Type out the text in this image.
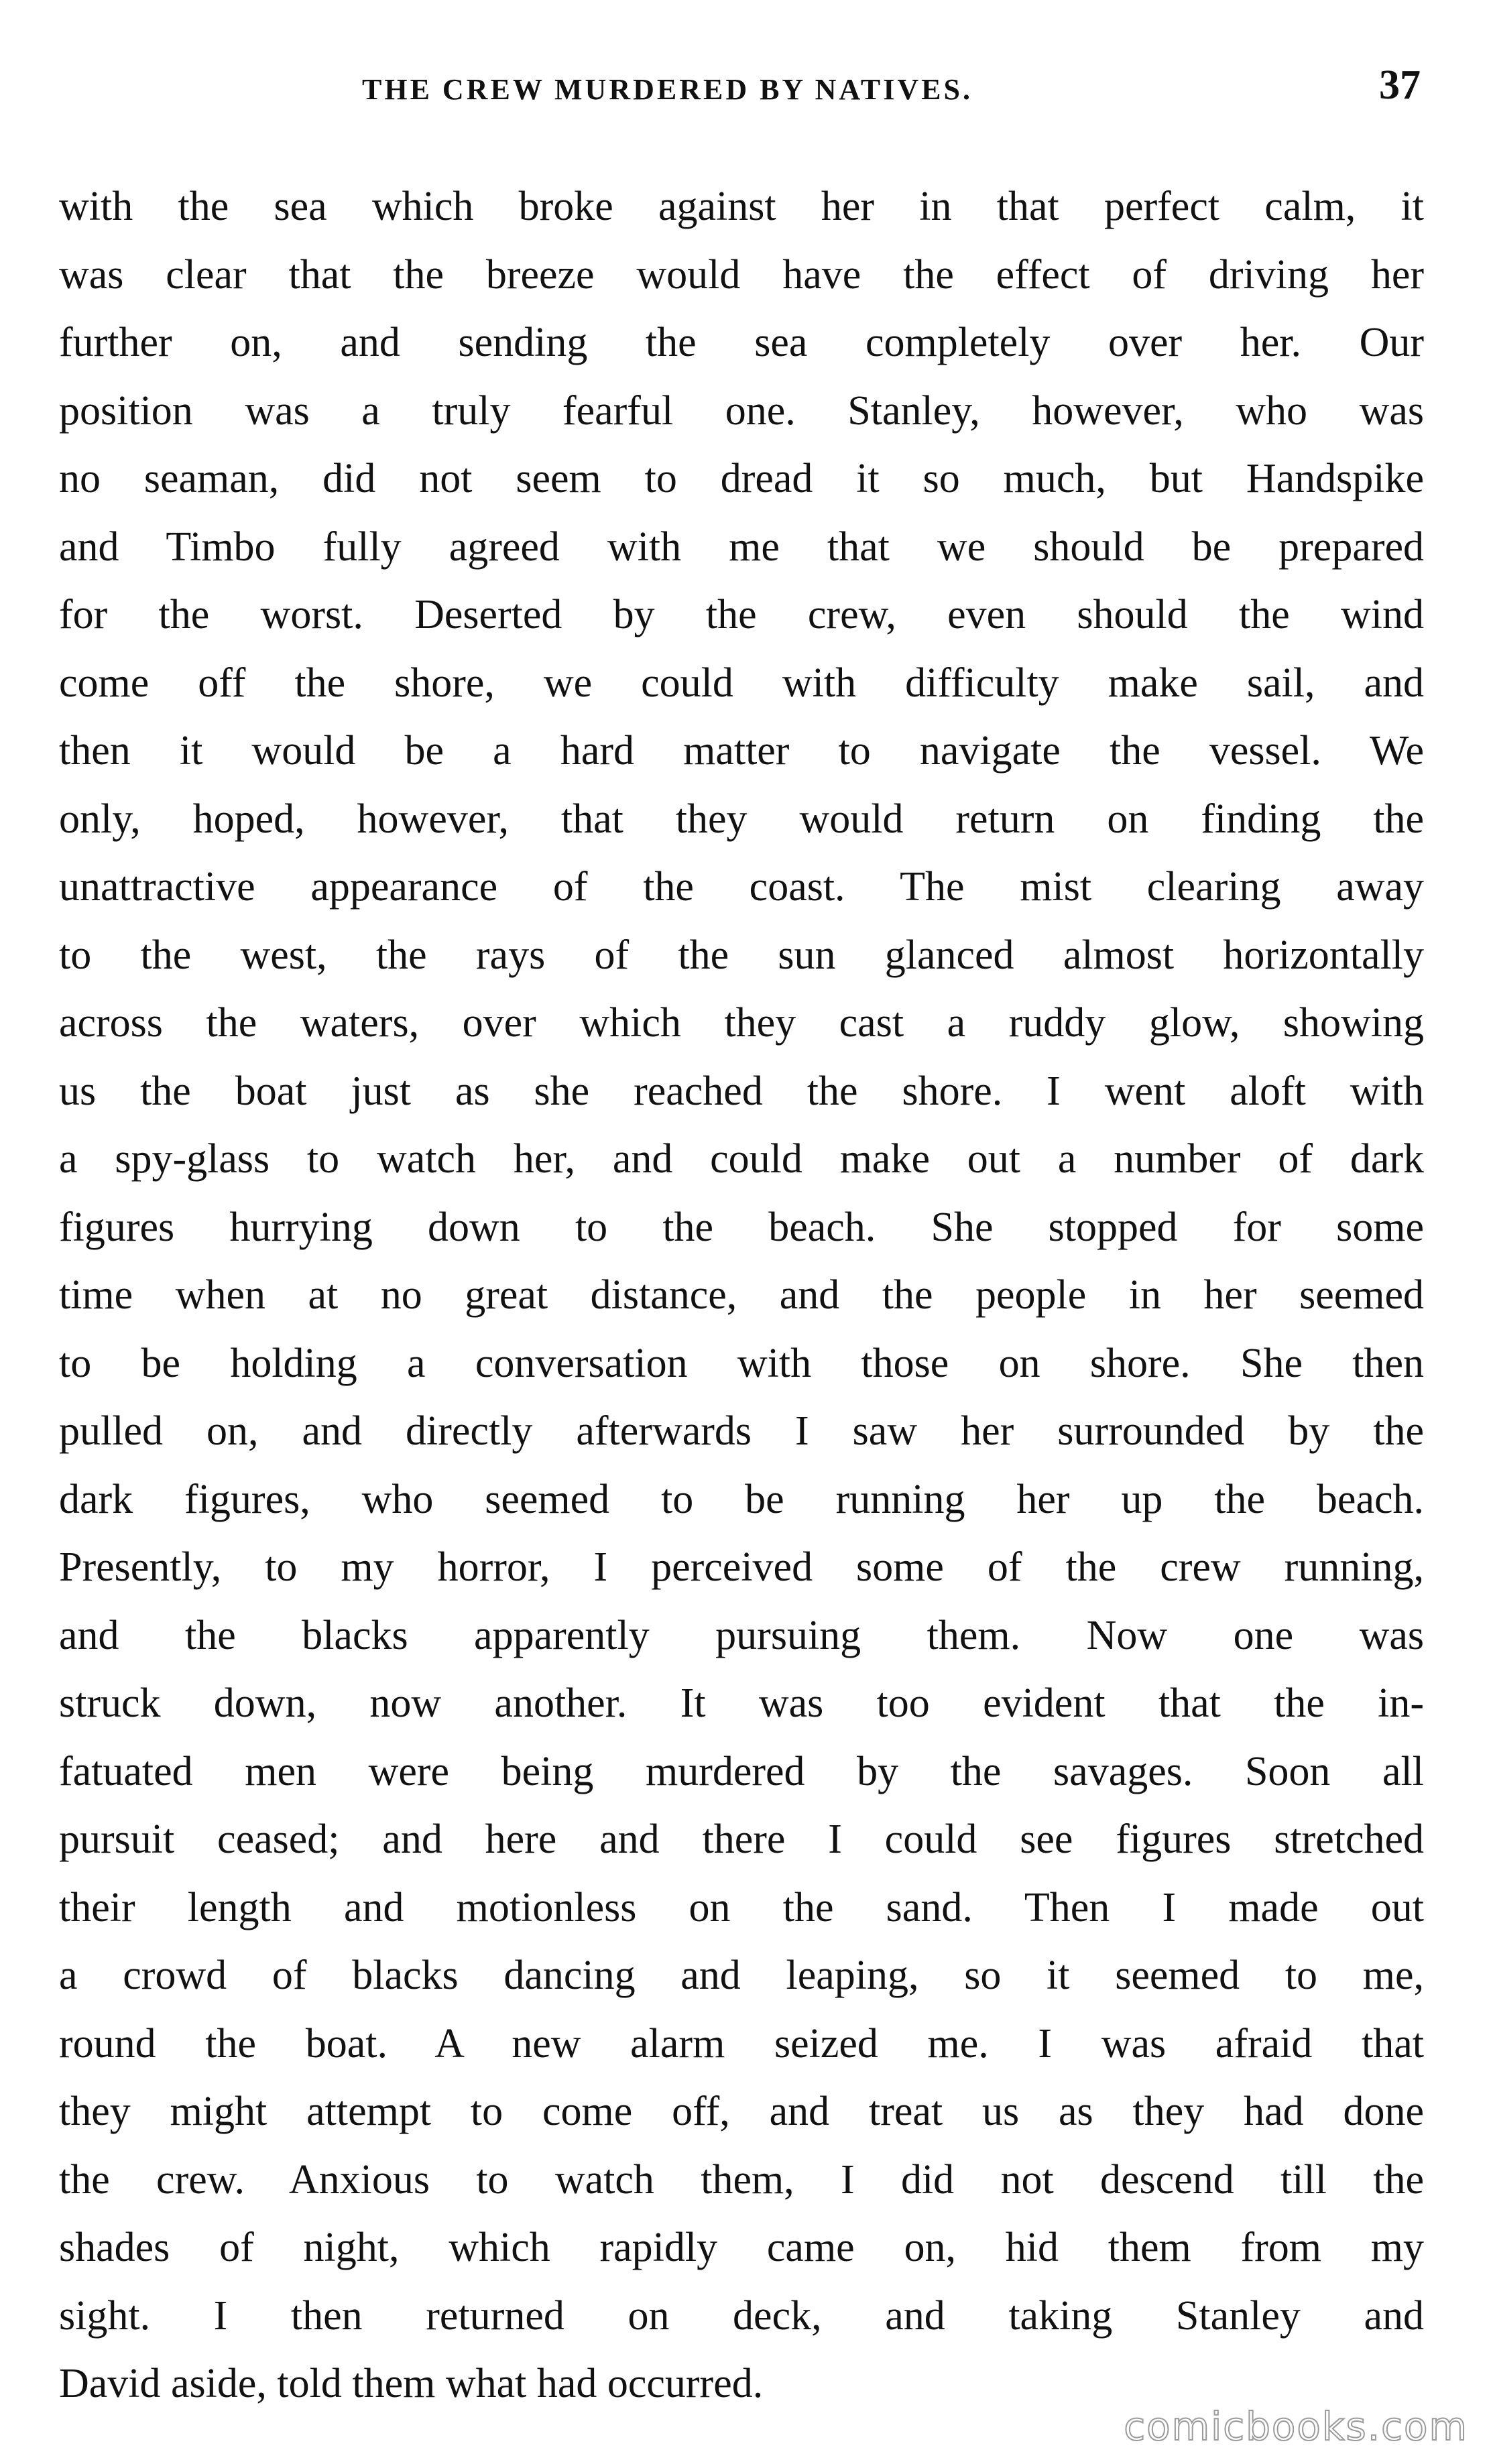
THE CREW MURDERED BY NATIVES.	37
with the sea which broke against her in that perfect calm, it
was clear that the breeze would have the effect of driving her
further on, and sending the sea completely over her. Our
position was a truly fearful one. Stanley, however, who was
no seaman, did not seem to dread it so much, but Handspike
and Timbo fully agreed with me that we should be prepared
for the worst. Deserted by the crew, even should the wind
come off the shore, we could with difficulty make sail, and
then it would be a hard matter to navigate the vessel. We
only, hoped, however, that they would return on finding the
unattractive appearance of the coast. The mist clearing away
to the west, the rays of the sun glanced almost horizontally
across the waters, over which they cast a ruddy glow, showing
us the boat just as she reached the shore. I went aloft with
a spy-glass to watch her, and could make out a number of dark
figures hurrying down to the beach. She stopped for some
time when at no great distance, and the people in her seemed
to be holding a conversation with those on shore. She then
pulled on, and directly afterwards I saw her surrounded by the
dark figures, who seemed to be running her up the beach.
Presently, to my horror, I perceived some of the crew running,
and the blacks apparently pursuing them. Now one was
struck down, now another. It was too evident that the in-
fatuated men were being murdered by the savages. Soon all
pursuit ceased; and here and there I could see figures stretched
their length and motionless on the sand. Then I made out
a crowd of blacks dancing and leaping, so it seemed to me,
round the boat. A new alarm seized me. I was afraid that
they might attempt to come off, and treat us as they had done
the crew. Anxious to watch them, I did not descend till the
shades of night, which rapidly came on, hid them from my
sight. I then returned on deck, and taking Stanley and
David aside, told them what had occurred.
comicbooks.com
